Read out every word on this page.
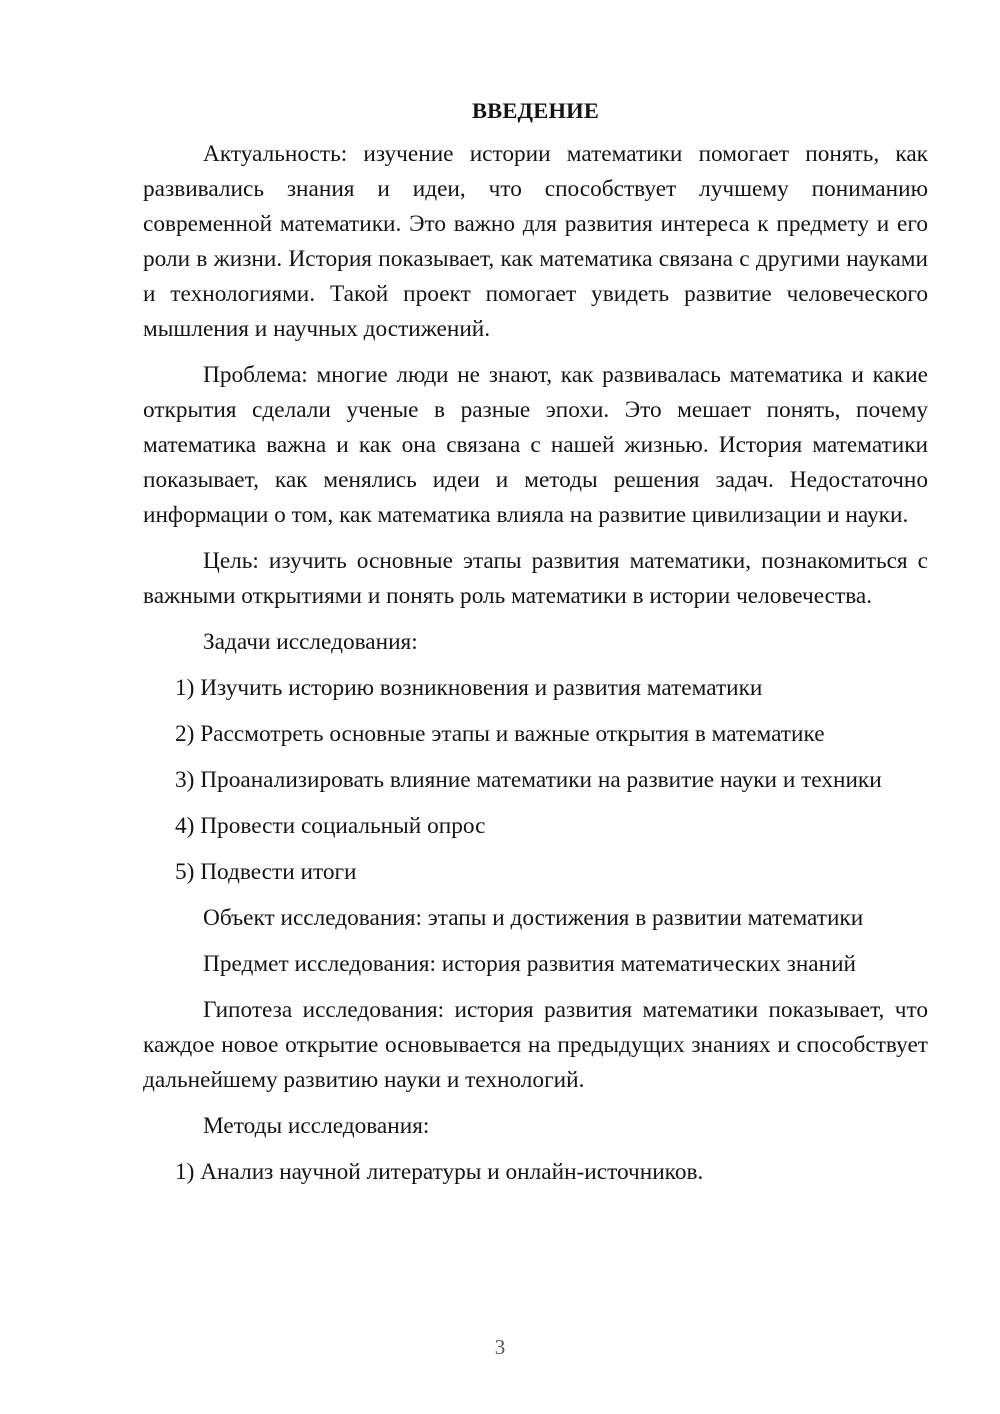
ВВЕДЕНИЕ

Актуальность: изучение истории математики помогает понять, как развивались знания и идеи, что способствует лучшему пониманию современной математики. Это важно для развития интереса к предмету и его роли в жизни. История показывает, как математика связана с другими науками и технологиями. Такой проект помогает увидеть развитие человеческого мышления и научных достижений.

Проблема: многие люди не знают, как развивалась математика и какие открытия сделали ученые в разные эпохи. Это мешает понять, почему математика важна и как она связана с нашей жизнью. История математики показывает, как менялись идеи и методы решения задач. Недостаточно информации о том, как математика влияла на развитие цивилизации и науки.

Цель: изучить основные этапы развития математики, познакомиться с важными открытиями и понять роль математики в истории человечества.

Задачи исследования:

1) Изучить историю возникновения и развития математики

2) Рассмотреть основные этапы и важные открытия в математике

3) Проанализировать влияние математики на развитие науки и техники

4) Провести социальный опрос

5) Подвести итоги

Объект исследования: этапы и достижения в развитии математики

Предмет исследования: история развития математических знаний

Гипотеза исследования: история развития математики показывает, что каждое новое открытие основывается на предыдущих знаниях и способствует дальнейшему развитию науки и технологий.

Методы исследования:

1) Анализ научной литературы и онлайн-источников.

3
